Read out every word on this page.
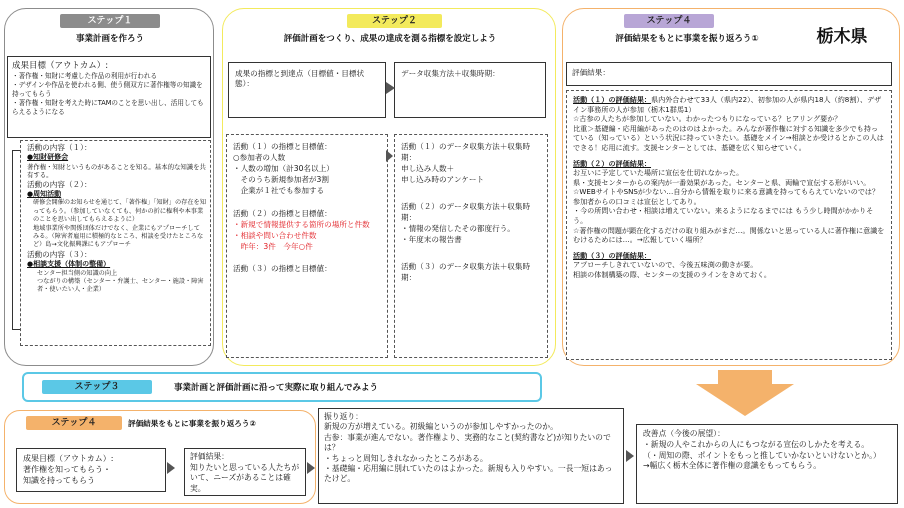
ステップ１
事業計画を作ろう
成果目標（アウトカム）:
・著作権・知財に考慮した作品の利用が行われる
・デザインや作品を使われる側、使う側双方に著作権等の知識を持ってもらう
・著作権・知財を考えた時にTAMのことを思い出し、活用してもらえるようになる
活動の内容（１）：
●知財研修会
著作権・知財というものがあることを知る。基本的な知識を共有する。
活動の内容（２）：
●周知活動
研修会開催のお知らせを通じて、「著作権」「知財」の存在を知ってもらう。（参加していなくても、何かの折に権利や本事業のことを思い出してもらえるように）
地域事業所や関係団体だけでなく、企業にもアプローチしてみる。（障害者雇用に積極的なところ、相談を受けたところなど）島→文化振興課にもアプローチ
活動の内容（３）：
●相談支援（体制の整備）
センター担当側の知識の向上
つながりの構築（センター・弁護士、センター・施設・障害者・使いたい人・企業）
ステップ２
評価計画をつくり、成果の達成を測る指標を設定しよう
成果の指標と到達点（目標値・目標状態）：
データ収集方法＋収集時期：
活動（１）の指標と目標値：
○参加者の人数
・人数の増加（計30名以上）
　そのうち新規参加者が3割
　企業が１社でも参加する
活動（２）の指標と目標値：
・新規で情報提供する箇所の場所と件数
・相談や問い合わせ件数
　昨年：3件　今年○件
活動（３）の指標と目標値：
活動（１）のデータ収集方法＋収集時期：
申し込み人数＋
申し込み時のアンケート
活動（２）のデータ収集方法＋収集時期：
・情報の発信したその都度行う。
・年度末の報告書
活動（３）のデータ収集方法＋収集時期：
ステップ４
栃木県
評価結果をもとに事業を振り返ろう①
評価結果：
活動（１）の評価結果：県内外合わせて33人（県内22）、初参加の人が県内18人（約8割）、デザイン事務所の人が参加（栃木1群馬1）
☆古参の人たちが参加していない。わかったつもりになっている？ヒアリング要か？
比重＞基礎編・応用編があったのはのはよかった。みんなが著作権に対する知識を多少でも持っている（知っている）という状況に持っていきたい。基礎をメイン→相談とか受けるとかこの人はできる！応用に流す。支援センターとしては、基礎を広く知らせていく。
活動（２）の評価結果：
お互いに予定していた場所に宣伝を仕切れなかった。
県・支援センターからの案内が一番効果があった。センターと県、両輪で宣伝する形がいい。
☆WEBサイトやSNSが少ない…自分から情報を取りに来る意識を持ってもらえていないのでは？　参加者からの口コミは宣伝としてあり。
・今の所問い合わせ・相談は増えていない。来るようになるまでには もう少し時間がかかりそう。
☆著作権の問題が顕在化するだけの取り組みがまだ…。関係ないと思っている人に著作権に意識をむけるためには…。→広報していく場所？
活動（３）の評価結果：
アプローチしきれていないので、今後五味渕の動きが要。
相談の体制構築の際、センターの支援のラインをきめておく。
ステップ３	事業計画と評価計画に沿って実際に取り組んでみよう
ステップ４	評価結果をもとに事業を振り返ろう②
成果目標（アウトカム）:
著作権を知ってもらう・
知識を持ってもらう
評価結果：
知りたいと思っている人たちがいて、ニーズがあることは確実。
振り返り：
新規の方が増えている。初級編というのが参加しやすかったのか。
古参：事業が進んでない。著作権より、実務的なこと(契約書など)が知りたいのでは？
・ちょっと周知しきれなかったところがある。
・基礎編・応用編に別れていたのはよかった。新規も入りやすい。一長一短はあったけど。
改善点（今後の展望）：
・新規の人やこれからの人にもつながる宣伝のしかたを考える。
（・周知の際、ポイントをもっと推していかないといけないとか。）
→幅広く栃木全体に著作権の意識をもってもらう。
